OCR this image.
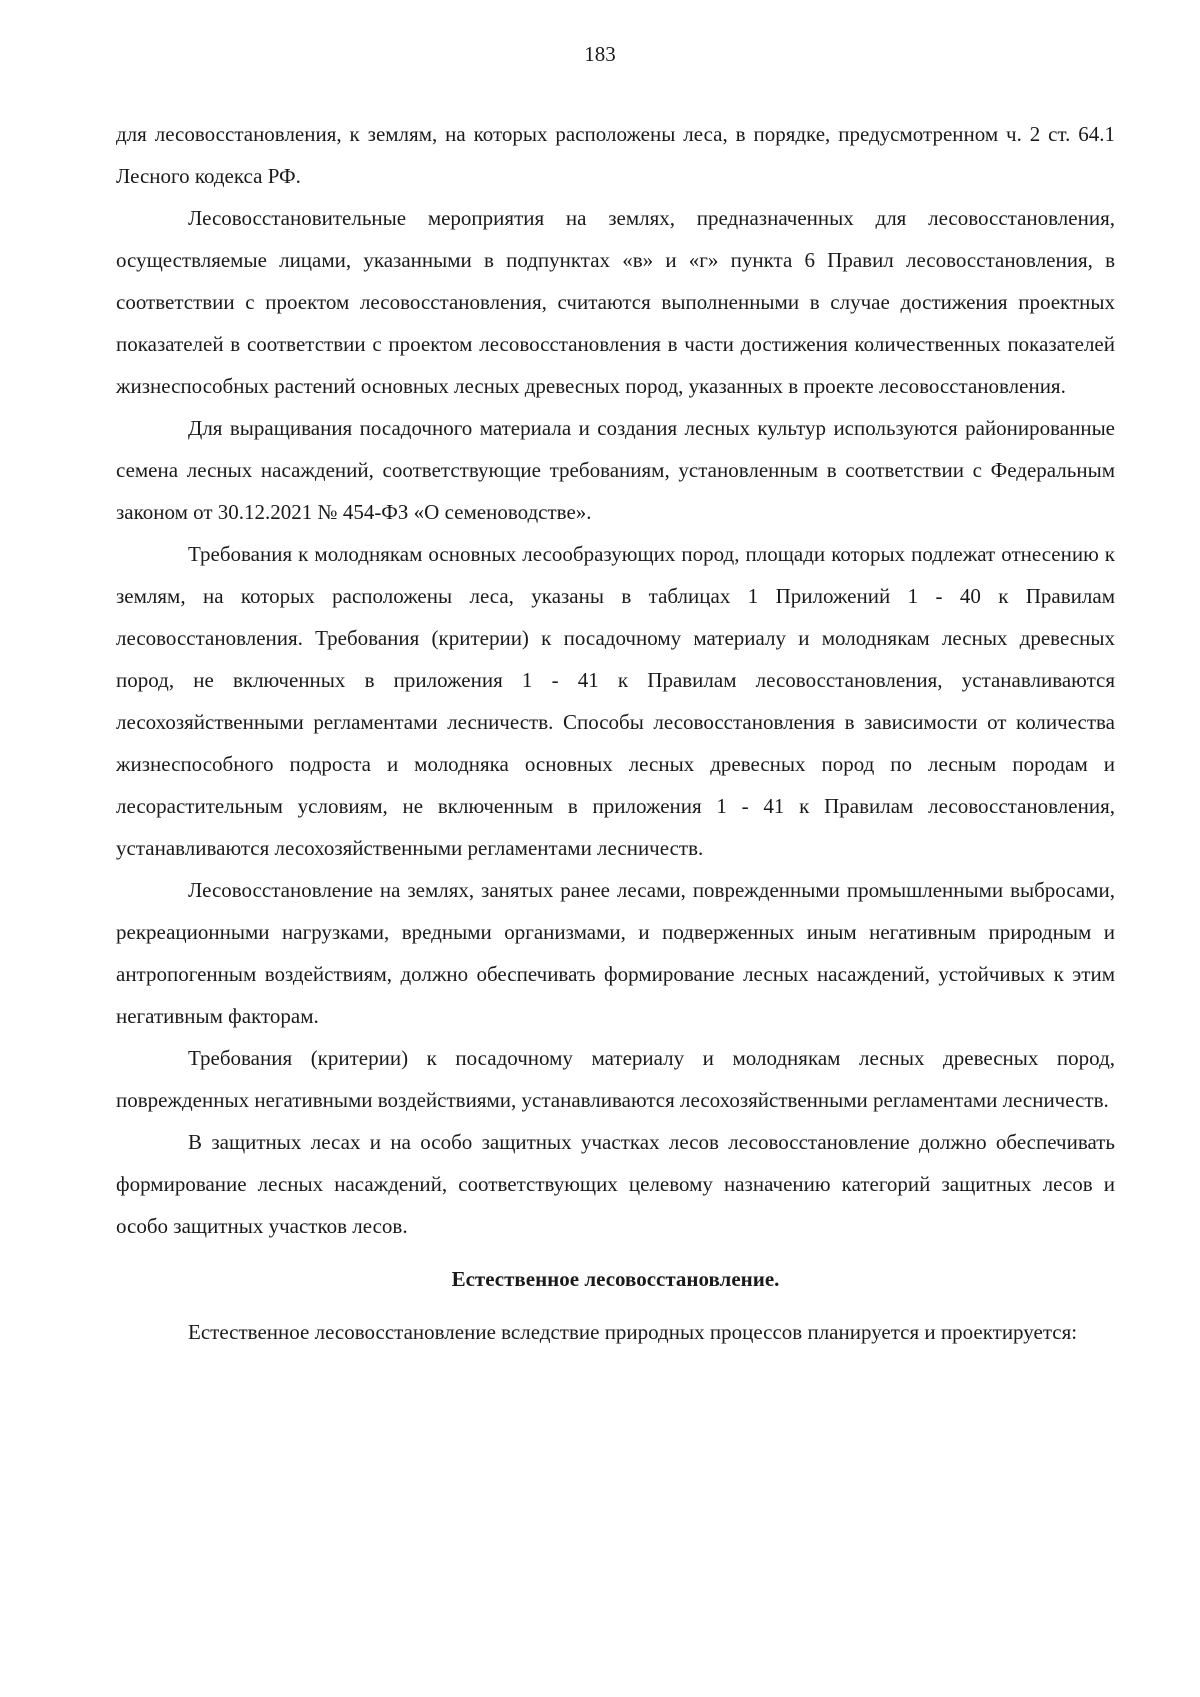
183

для лесовосстановления, к землям, на которых расположены леса, в порядке, предусмотренном ч. 2 ст. 64.1 Лесного кодекса РФ.

Лесовосстановительные мероприятия на землях, предназначенных для лесовосстановления, осуществляемые лицами, указанными в подпунктах «в» и «г» пункта 6 Правил лесовосстановления, в соответствии с проектом лесовосстановления, считаются выполненными в случае достижения проектных показателей в соответствии с проектом лесовосстановления в части достижения количественных показателей жизнеспособных растений основных лесных древесных пород, указанных в проекте лесовосстановления.

Для выращивания посадочного материала и создания лесных культур используются районированные семена лесных насаждений, соответствующие требованиям, установленным в соответствии с Федеральным законом от 30.12.2021 № 454-ФЗ «О семеноводстве».

Требования к молоднякам основных лесообразующих пород, площади которых подлежат отнесению к землям, на которых расположены леса, указаны в таблицах 1 Приложений 1 - 40 к Правилам лесовосстановления. Требования (критерии) к посадочному материалу и молоднякам лесных древесных пород, не включенных в приложения 1 - 41 к Правилам лесовосстановления, устанавливаются лесохозяйственными регламентами лесничеств. Способы лесовосстановления в зависимости от количества жизнеспособного подроста и молодняка основных лесных древесных пород по лесным породам и лесорастительным условиям, не включенным в приложения 1 - 41 к Правилам лесовосстановления, устанавливаются лесохозяйственными регламентами лесничеств.

Лесовосстановление на землях, занятых ранее лесами, поврежденными промышленными выбросами, рекреационными нагрузками, вредными организмами, и подверженных иным негативным природным и антропогенным воздействиям, должно обеспечивать формирование лесных насаждений, устойчивых к этим негативным факторам.

Требования (критерии) к посадочному материалу и молоднякам лесных древесных пород, поврежденных негативными воздействиями, устанавливаются лесохозяйственными регламентами лесничеств.

В защитных лесах и на особо защитных участках лесов лесовосстановление должно обеспечивать формирование лесных насаждений, соответствующих целевому назначению категорий защитных лесов и особо защитных участков лесов.

Естественное лесовосстановление.

Естественное лесовосстановление вследствие природных процессов планируется и проектируется:
